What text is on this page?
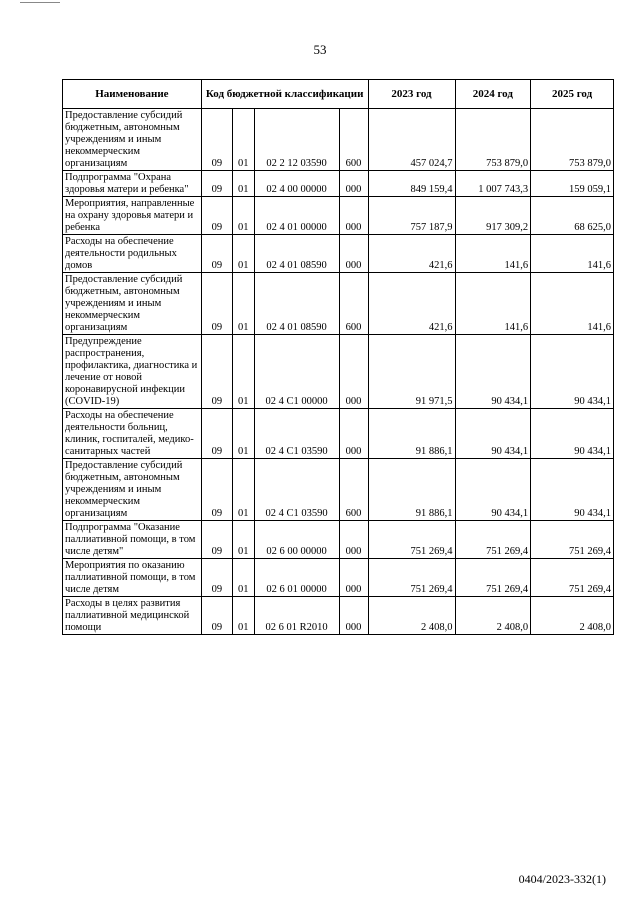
53
Наименование	Код бюджетной классификации				2023 год	2024 год	2025 год
Предоставление субсидий бюджетным, автономным учреждениям и иным некоммерческим организациям	09	01	02 2 12 03590	600	457 024,7	753 879,0	753 879,0
Подпрограмма "Охрана здоровья матери и ребенка"	09	01	02 4 00 00000	000	849 159,4	1 007 743,3	159 059,1
Мероприятия, направленные на охрану здоровья матери и ребенка	09	01	02 4 01 00000	000	757 187,9	917 309,2	68 625,0
Расходы на обеспечение деятельности родильных домов	09	01	02 4 01 08590	000	421,6	141,6	141,6
Предоставление субсидий бюджетным, автономным учреждениям и иным некоммерческим организациям	09	01	02 4 01 08590	600	421,6	141,6	141,6
Предупреждение распространения, профилактика, диагностика и лечение от новой коронавирусной инфекции (COVID-19)	09	01	02 4 C1 00000	000	91 971,5	90 434,1	90 434,1
Расходы на обеспечение деятельности больниц, клиник, госпиталей, медико-санитарных частей	09	01	02 4 C1 03590	000	91 886,1	90 434,1	90 434,1
Предоставление субсидий бюджетным, автономным учреждениям и иным некоммерческим организациям	09	01	02 4 C1 03590	600	91 886,1	90 434,1	90 434,1
Подпрограмма "Оказание паллиативной помощи, в том числе детям"	09	01	02 6 00 00000	000	751 269,4	751 269,4	751 269,4
Мероприятия по оказанию паллиативной помощи, в том числе детям	09	01	02 6 01 00000	000	751 269,4	751 269,4	751 269,4
Расходы в целях развития паллиативной медицинской помощи	09	01	02 6 01 R2010	000	2 408,0	2 408,0	2 408,0
0404/2023-332(1)
